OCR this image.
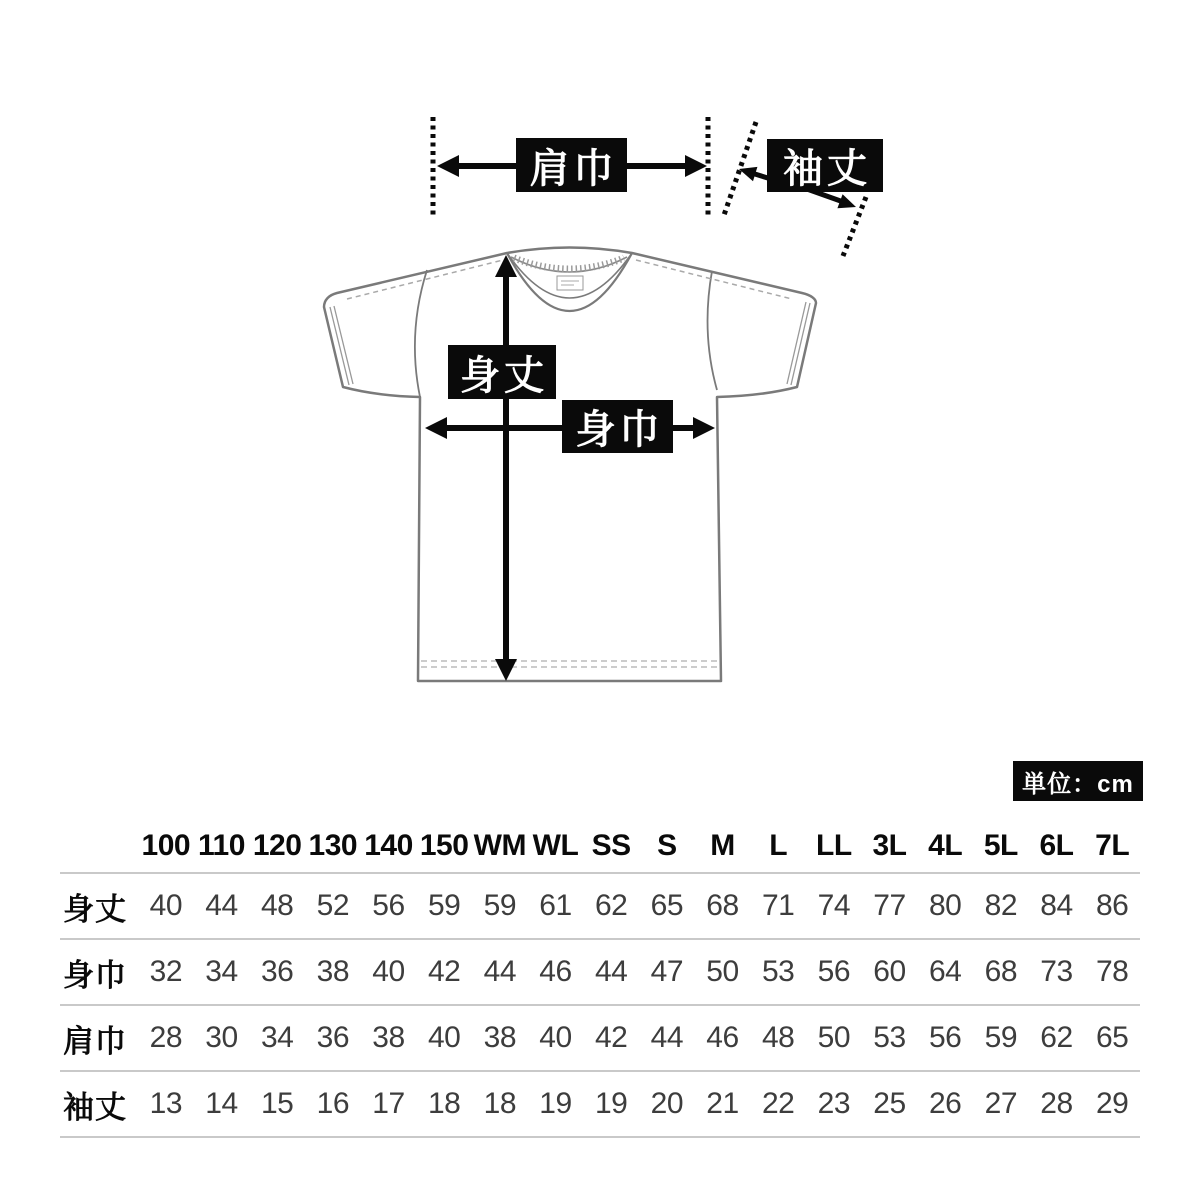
肩巾	袖丈
身丈
身巾
単位：cm
100 110 120 130 140 150 WM WL SS S	M	L LL 3L 4L 5L 6L 7L
身丈 40 44 48 52 56 59 59 61 62 65 68 71 74 77 80 82 84 86
身巾 32 34 36 38 40 42 44 46 44 47 50 53 56 60 64 68 73 78
肩巾 28 30 34 36 38 40 38 40 42 44 46 48 50 53 56 59 62 65
袖丈 13 14 15 16 17 18 18 19 19 20 21 22 23 25 26 27 28 29
